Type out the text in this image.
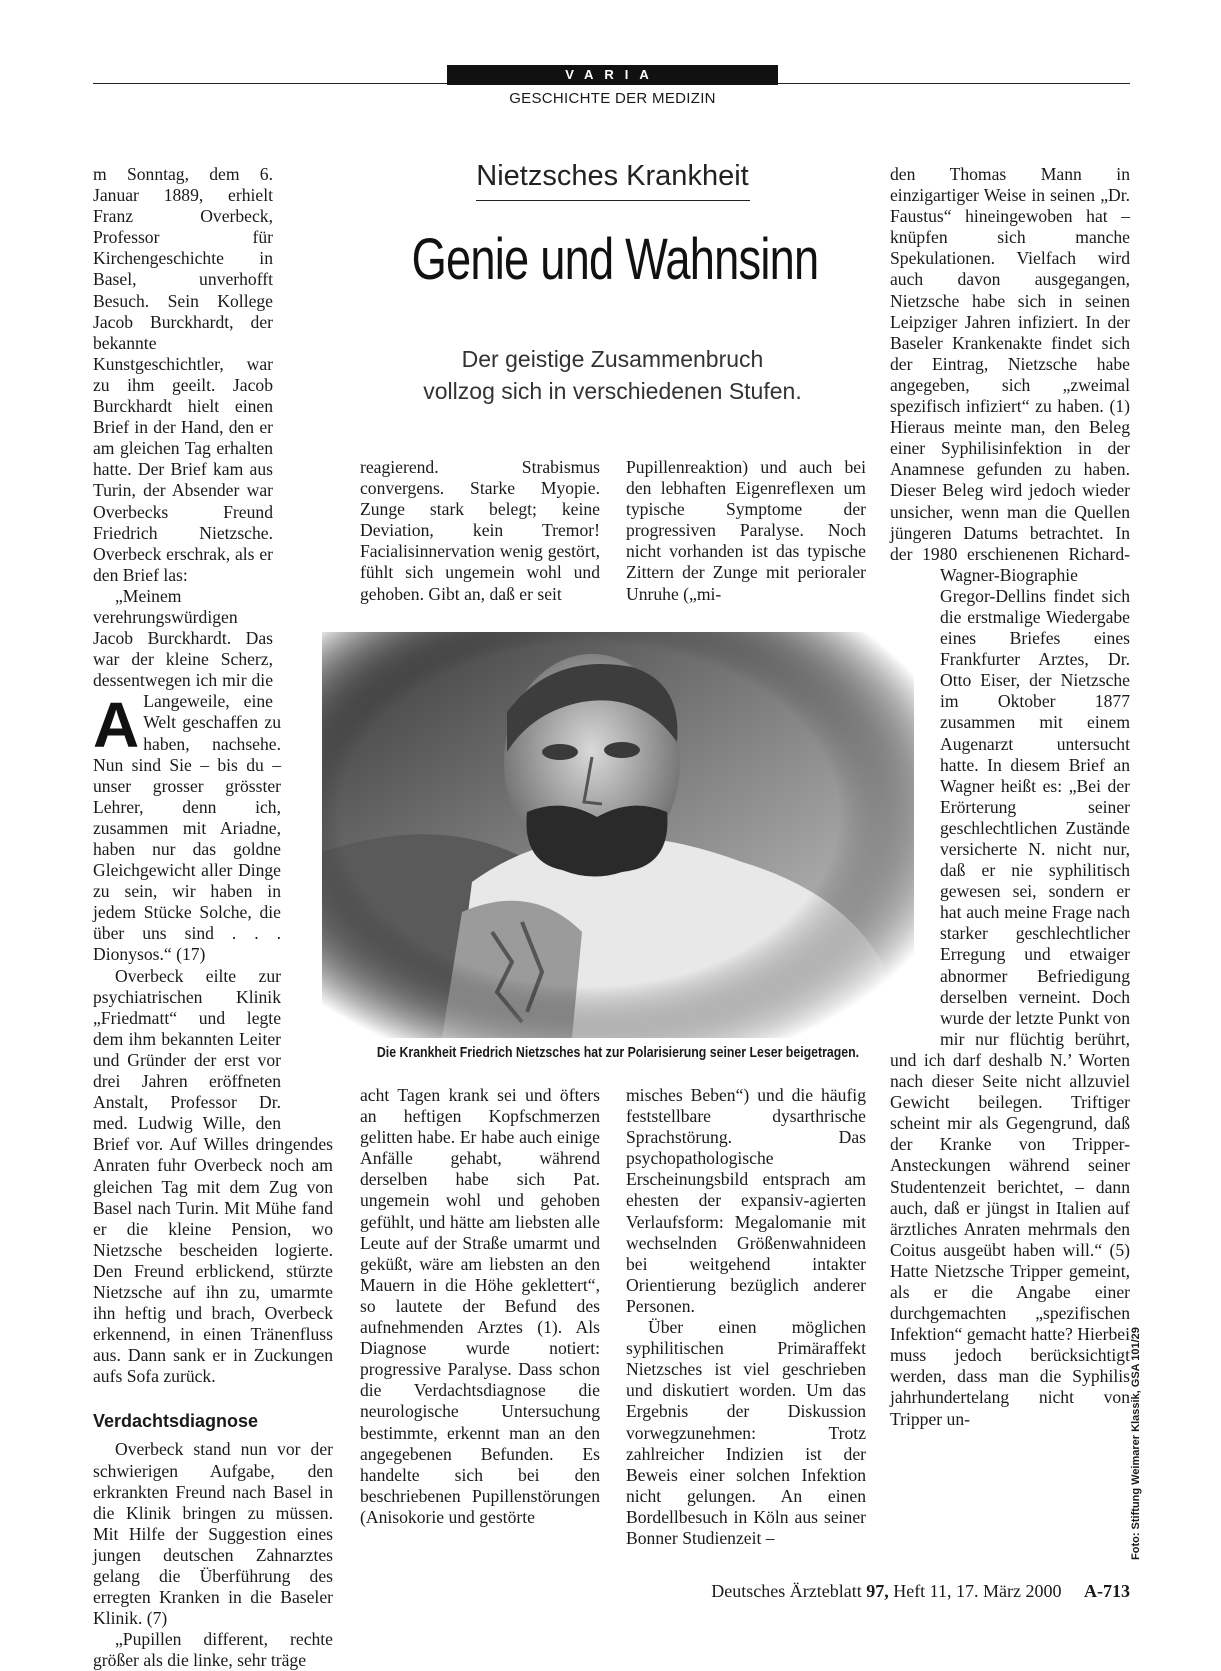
VARIA
GESCHICHTE DER MEDIZIN
Nietzsches Krankheit
Genie und Wahnsinn
Der geistige Zusammenbruch
vollzog sich in verschiedenen Stufen.

A
m Sonntag, dem 6. Januar 1889, erhielt Franz Overbeck, Professor für Kirchengeschichte in Basel, unverhofft Besuch. Sein Kollege Jacob Burckhardt, der bekannte Kunstgeschichtler, war zu ihm geeilt. Jacob Burckhardt hielt einen Brief in der Hand, den er am gleichen Tag erhalten hatte. Der Brief kam aus Turin, der Absender war Overbecks Freund Friedrich Nietzsche. Overbeck erschrak, als er den Brief las:

„Meinem verehrungswürdigen Jacob Burckhardt. Das war der kleine Scherz, dessentwegen ich mir die Langeweile, eine Welt geschaffen zu haben, nachsehe. Nun sind Sie – bis du – unser grosser grösster Lehrer, denn ich, zusammen mit Ariadne, haben nur das goldne Gleichgewicht aller Dinge zu sein, wir haben in jedem Stücke Solche, die über uns sind . . . Dionysos.“ (17)

Overbeck eilte zur psychiatrischen Klinik „Friedmatt“ und legte dem ihm bekannten Leiter und Gründer der erst vor drei Jahren eröffneten Anstalt, Professor Dr. med. Ludwig Wille, den Brief vor. Auf Willes dringendes Anraten fuhr Overbeck noch am gleichen Tag mit dem Zug von Basel nach Turin. Mit Mühe fand er die kleine Pension, wo Nietzsche bescheiden logierte. Den Freund erblickend, stürzte Nietzsche auf ihn zu, umarmte ihn heftig und brach, Overbeck erkennend, in einen Tränenfluss aus. Dann sank er in Zuckungen aufs Sofa zurück.

Verdachtsdiagnose

Overbeck stand nun vor der schwierigen Aufgabe, den erkrankten Freund nach Basel in die Klinik bringen zu müssen. Mit Hilfe der Suggestion eines jungen deutschen Zahnarztes gelang die Überführung des erregten Kranken in die Baseler Klinik. (7)

„Pupillen different, rechte größer als die linke, sehr träge

reagierend. Strabismus convergens. Starke Myopie. Zunge stark belegt; keine Deviation, kein Tremor! Facialisinnervation wenig gestört, fühlt sich ungemein wohl und gehoben. Gibt an, daß er seit

acht Tagen krank sei und öfters an heftigen Kopfschmerzen gelitten habe. Er habe auch einige Anfälle gehabt, während derselben habe sich Pat. ungemein wohl und gehoben gefühlt, und hätte am liebsten alle Leute auf der Straße umarmt und geküßt, wäre am liebsten an den Mauern in die Höhe geklettert“, so lautete der Befund des aufnehmenden Arztes (1). Als Diagnose wurde notiert: progressive Paralyse. Dass schon die Verdachtsdiagnose die neurologische Untersuchung bestimmte, erkennt man an den angegebenen Befunden. Es handelte sich bei den beschriebenen Pupillenstörungen (Anisokorie und gestörte

Pupillenreaktion) und auch bei den lebhaften Eigenreflexen um typische Symptome der progressiven Paralyse. Noch nicht vorhanden ist das typische Zittern der Zunge mit perioraler Unruhe („mi-

misches Beben“) und die häufig feststellbare dysarthrische Sprachstörung. Das psychopathologische Erscheinungsbild entsprach am ehesten der expansiv-agierten Verlaufsform: Megalomanie mit wechselnden Größenwahnideen bei weitgehend intakter Orientierung bezüglich anderer Personen.

Über einen möglichen syphilitischen Primäraffekt Nietzsches ist viel geschrieben und diskutiert worden. Um das Ergebnis der Diskussion vorwegzunehmen: Trotz zahlreicher Indizien ist der Beweis einer solchen Infektion nicht gelungen. An einen Bordellbesuch in Köln aus seiner Bonner Studienzeit –

den Thomas Mann in einzigartiger Weise in seinen „Dr. Faustus“ hineingewoben hat – knüpfen sich manche Spekulationen. Vielfach wird auch davon ausgegangen, Nietzsche habe sich in seinen Leipziger Jahren infiziert. In der Baseler Krankenakte findet sich der Eintrag, Nietzsche habe angegeben, sich „zweimal spezifisch infiziert“ zu haben. (1) Hieraus meinte man, den Beleg einer Syphilisinfektion in der Anamnese gefunden zu haben. Dieser Beleg wird jedoch wieder unsicher, wenn man die Quellen jüngeren Datums betrachtet. In der 1980 erschienenen Richard-Wagner-Biographie Gregor-Dellins findet sich die erstmalige Wiedergabe eines Briefes eines Frankfurter Arztes, Dr. Otto Eiser, der Nietzsche im Oktober 1877 zusammen mit einem Augenarzt untersucht hatte. In diesem Brief an Wagner heißt es: „Bei der Erörterung seiner geschlechtlichen Zustände versicherte N. nicht nur, daß er nie syphilitisch gewesen sei, sondern er hat auch meine Frage nach starker geschlechtlicher Erregung und etwaiger abnormer Befriedigung derselben verneint. Doch wurde der letzte Punkt von mir nur flüchtig berührt, und ich darf deshalb N.’ Worten nach dieser Seite nicht allzuviel Gewicht beilegen. Triftiger scheint mir als Gegengrund, daß der Kranke von Tripper-Ansteckungen während seiner Studentenzeit berichtet, – dann auch, daß er jüngst in Italien auf ärztliches Anraten mehrmals den Coitus ausgeübt haben will.“ (5) Hatte Nietzsche Tripper gemeint, als er die Angabe einer durchgemachten „spezifischen Infektion“ gemacht hatte? Hierbei muss jedoch berücksichtigt werden, dass man die Syphilis jahrhundertelang nicht von Tripper un-

Die Krankheit Friedrich Nietzsches hat zur Polarisierung seiner Leser beigetragen.
Foto: Stiftung Weimarer Klassik, GSA 101/29
Deutsches Ärzteblatt 97, Heft 11, 17. März 2000 A-713
